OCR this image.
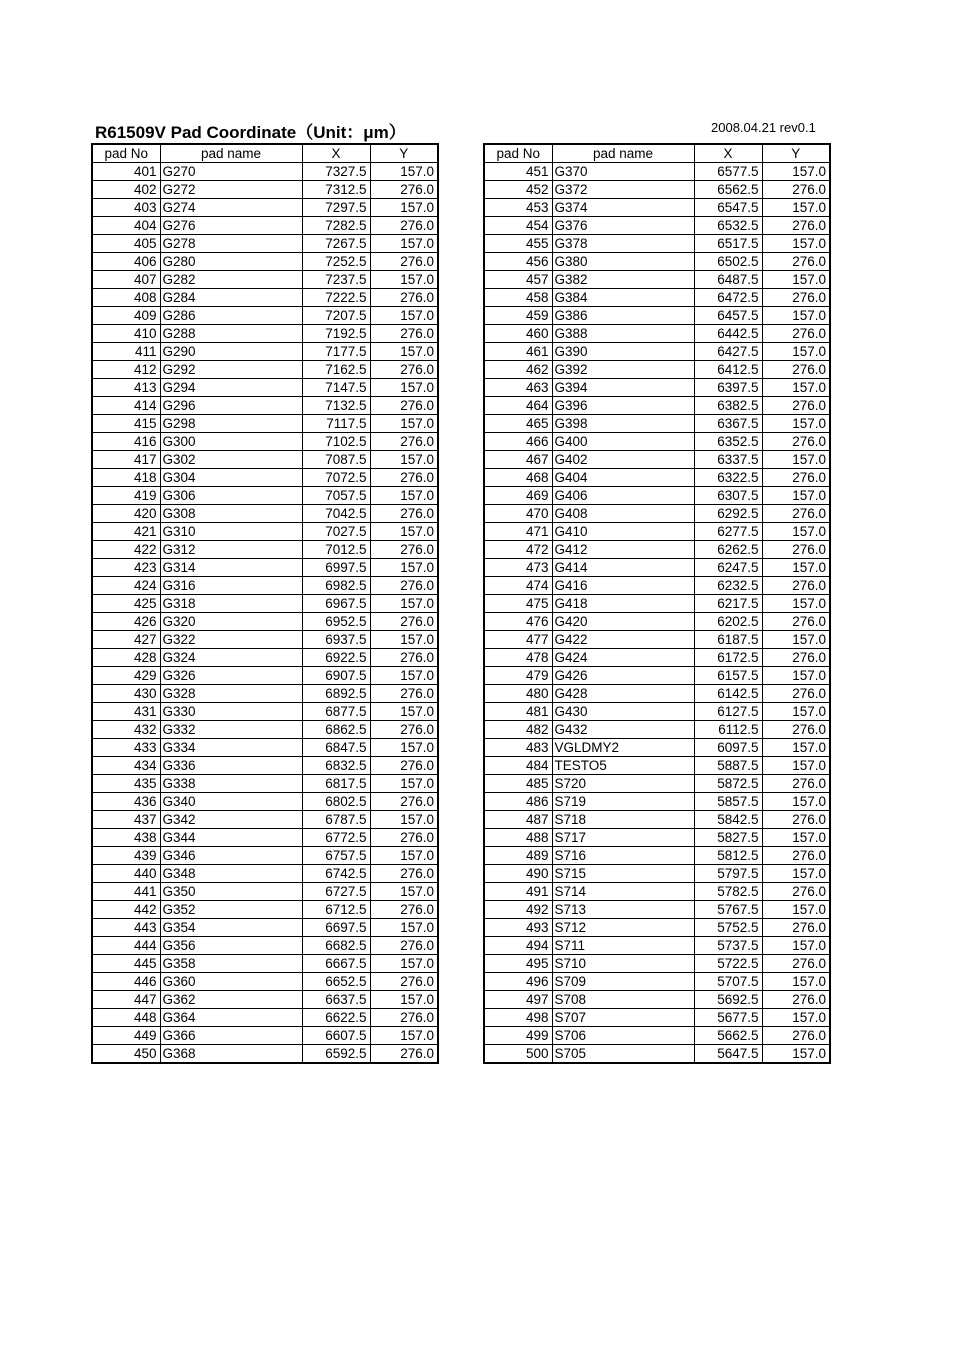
R61509V Pad Coordinate（Unit：μm）	2008.04.21 rev0.1
pad No	pad name	X	Y
401	G270	7327.5	157.0
402	G272	7312.5	276.0
403	G274	7297.5	157.0
404	G276	7282.5	276.0
405	G278	7267.5	157.0
406	G280	7252.5	276.0
407	G282	7237.5	157.0
408	G284	7222.5	276.0
409	G286	7207.5	157.0
410	G288	7192.5	276.0
411	G290	7177.5	157.0
412	G292	7162.5	276.0
413	G294	7147.5	157.0
414	G296	7132.5	276.0
415	G298	7117.5	157.0
416	G300	7102.5	276.0
417	G302	7087.5	157.0
418	G304	7072.5	276.0
419	G306	7057.5	157.0
420	G308	7042.5	276.0
421	G310	7027.5	157.0
422	G312	7012.5	276.0
423	G314	6997.5	157.0
424	G316	6982.5	276.0
425	G318	6967.5	157.0
426	G320	6952.5	276.0
427	G322	6937.5	157.0
428	G324	6922.5	276.0
429	G326	6907.5	157.0
430	G328	6892.5	276.0
431	G330	6877.5	157.0
432	G332	6862.5	276.0
433	G334	6847.5	157.0
434	G336	6832.5	276.0
435	G338	6817.5	157.0
436	G340	6802.5	276.0
437	G342	6787.5	157.0
438	G344	6772.5	276.0
439	G346	6757.5	157.0
440	G348	6742.5	276.0
441	G350	6727.5	157.0
442	G352	6712.5	276.0
443	G354	6697.5	157.0
444	G356	6682.5	276.0
445	G358	6667.5	157.0
446	G360	6652.5	276.0
447	G362	6637.5	157.0
448	G364	6622.5	276.0
449	G366	6607.5	157.0
450	G368	6592.5	276.0
pad No	pad name	X	Y
451	G370	6577.5	157.0
452	G372	6562.5	276.0
453	G374	6547.5	157.0
454	G376	6532.5	276.0
455	G378	6517.5	157.0
456	G380	6502.5	276.0
457	G382	6487.5	157.0
458	G384	6472.5	276.0
459	G386	6457.5	157.0
460	G388	6442.5	276.0
461	G390	6427.5	157.0
462	G392	6412.5	276.0
463	G394	6397.5	157.0
464	G396	6382.5	276.0
465	G398	6367.5	157.0
466	G400	6352.5	276.0
467	G402	6337.5	157.0
468	G404	6322.5	276.0
469	G406	6307.5	157.0
470	G408	6292.5	276.0
471	G410	6277.5	157.0
472	G412	6262.5	276.0
473	G414	6247.5	157.0
474	G416	6232.5	276.0
475	G418	6217.5	157.0
476	G420	6202.5	276.0
477	G422	6187.5	157.0
478	G424	6172.5	276.0
479	G426	6157.5	157.0
480	G428	6142.5	276.0
481	G430	6127.5	157.0
482	G432	6112.5	276.0
483	VGLDMY2	6097.5	157.0
484	TESTO5	5887.5	157.0
485	S720	5872.5	276.0
486	S719	5857.5	157.0
487	S718	5842.5	276.0
488	S717	5827.5	157.0
489	S716	5812.5	276.0
490	S715	5797.5	157.0
491	S714	5782.5	276.0
492	S713	5767.5	157.0
493	S712	5752.5	276.0
494	S711	5737.5	157.0
495	S710	5722.5	276.0
496	S709	5707.5	157.0
497	S708	5692.5	276.0
498	S707	5677.5	157.0
499	S706	5662.5	276.0
500	S705	5647.5	157.0
